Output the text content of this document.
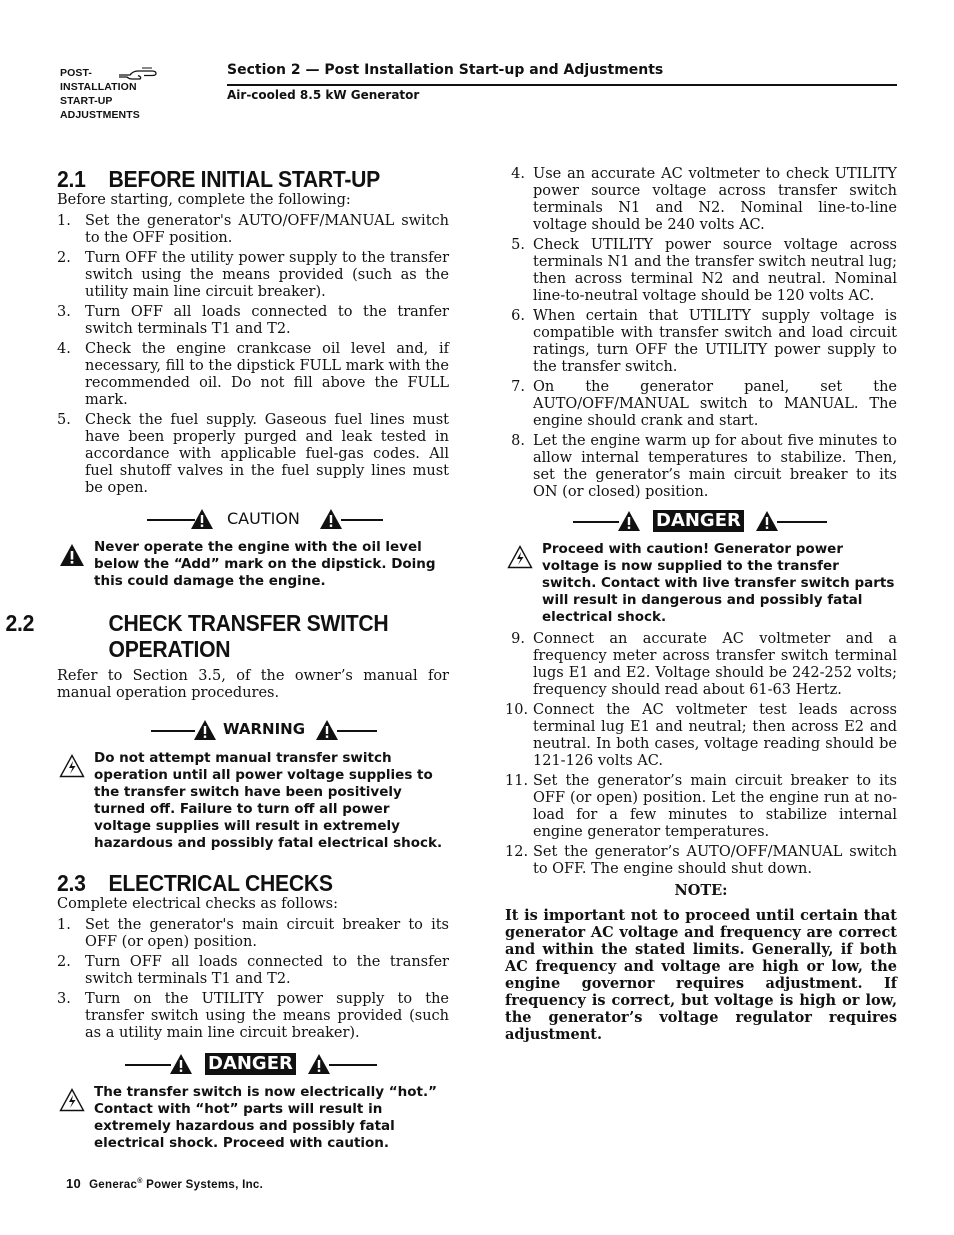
POST-
INSTALLATION
START-UP
ADJUSTMENTS
Section 2 — Post Installation Start-up and Adjustments
Air-cooled 8.5 kW Generator
2.1 BEFORE INITIAL START-UP

Before starting, complete the following:

1. Set the generator's AUTO/OFF/MANUAL switch to the OFF position.
2. Turn OFF the utility power supply to the transfer switch using the means provided (such as the utility main line circuit breaker).
3. Turn OFF all loads connected to the tranfer switch terminals T1 and T2.
4. Check the engine crankcase oil level and, if necessary, fill to the dipstick FULL mark with the recommended oil. Do not fill above the FULL mark.
5. Check the fuel supply. Gaseous fuel lines must have been properly purged and leak tested in accordance with applicable fuel-gas codes. All fuel shutoff valves in the fuel supply lines must be open.
CAUTION
Never operate the engine with the oil level below the “Add” mark on the dipstick. Doing this could damage the engine.
2.2	CHECK TRANSFER SWITCH OPERATION

Refer to Section 3.5, of the owner’s manual for manual operation procedures.

WARNING
Do not attempt manual transfer switch operation until all power voltage supplies to the transfer switch have been positively turned off. Failure to turn off all power voltage supplies will result in extremely hazardous and possibly fatal electrical shock.
2.3 ELECTRICAL CHECKS

Complete electrical checks as follows:

1. Set the generator's main circuit breaker to its OFF (or open) position.
2. Turn OFF all loads connected to the transfer switch terminals T1 and T2.
3. Turn on the UTILITY power supply to the transfer switch using the means provided (such as a utility main line circuit breaker).
DANGER
The transfer switch is now electrically “hot.” Contact with “hot” parts will result in extremely hazardous and possibly fatal electrical shock. Proceed with caution.
4. Use an accurate AC voltmeter to check UTILITY power source voltage across transfer switch terminals N1 and N2. Nominal line-to-line voltage should be 240 volts AC.
5. Check UTILITY power source voltage across terminals N1 and the transfer switch neutral lug; then across terminal N2 and neutral. Nominal line-to-neutral voltage should be 120 volts AC.
6. When certain that UTILITY supply voltage is compatible with transfer switch and load circuit ratings, turn OFF the UTILITY power supply to the transfer switch.
7. On the generator panel, set the AUTO/OFF/MANUAL switch to MANUAL. The engine should crank and start.
8. Let the engine warm up for about five minutes to allow internal temperatures to stabilize. Then, set the generator’s main circuit breaker to its ON (or closed) position.
DANGER
Proceed with caution! Generator power voltage is now supplied to the transfer switch. Contact with live transfer switch parts will result in dangerous and possibly fatal electrical shock.
9. Connect an accurate AC voltmeter and a frequency meter across transfer switch terminal lugs E1 and E2. Voltage should be 242-252 volts; frequency should read about 61-63 Hertz.
10. Connect the AC voltmeter test leads across terminal lug E1 and neutral; then across E2 and neutral. In both cases, voltage reading should be 121-126 volts AC.
11. Set the generator’s main circuit breaker to its OFF (or open) position. Let the engine run at no-load for a few minutes to stabilize internal engine generator temperatures.
12. Set the generator’s AUTO/OFF/MANUAL switch to OFF. The engine should shut down.

NOTE:

It is important not to proceed until certain that generator AC voltage and frequency are correct and within the stated limits. Generally, if both AC frequency and voltage are high or low, the engine governor requires adjustment. If frequency is correct, but voltage is high or low, the generator’s voltage regulator requires adjustment.

10 Generac® Power Systems, Inc.
